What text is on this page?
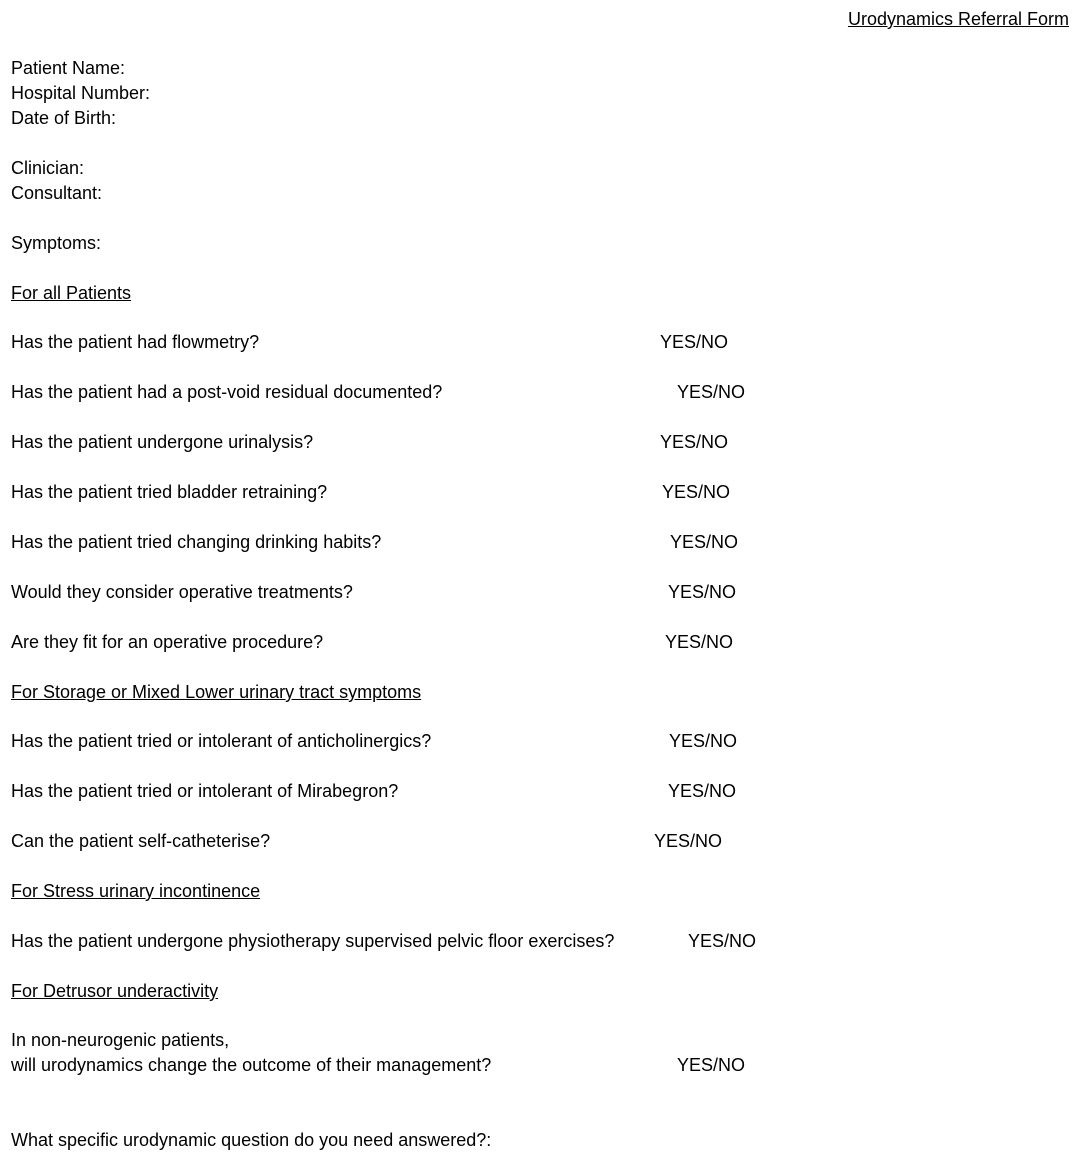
Urodynamics Referral Form
Patient Name:
Hospital Number:
Date of Birth:
Clinician:
Consultant:
Symptoms:
For all Patients
Has the patient had flowmetry?	YES/NO
Has the patient had a post-void residual documented?	YES/NO
Has the patient undergone urinalysis?	YES/NO
Has the patient tried bladder retraining?	YES/NO
Has the patient tried changing drinking habits?	YES/NO
Would they consider operative treatments?	YES/NO
Are they fit for an operative procedure?	YES/NO
For Storage or Mixed Lower urinary tract symptoms
Has the patient tried or intolerant of anticholinergics?	YES/NO
Has the patient tried or intolerant of Mirabegron?	YES/NO
Can the patient self-catheterise?	YES/NO
For Stress urinary incontinence
Has the patient undergone physiotherapy supervised pelvic floor exercises?	YES/NO
For Detrusor underactivity
In non-neurogenic patients,
will urodynamics change the outcome of their management?	YES/NO
What specific urodynamic question do you need answered?:
